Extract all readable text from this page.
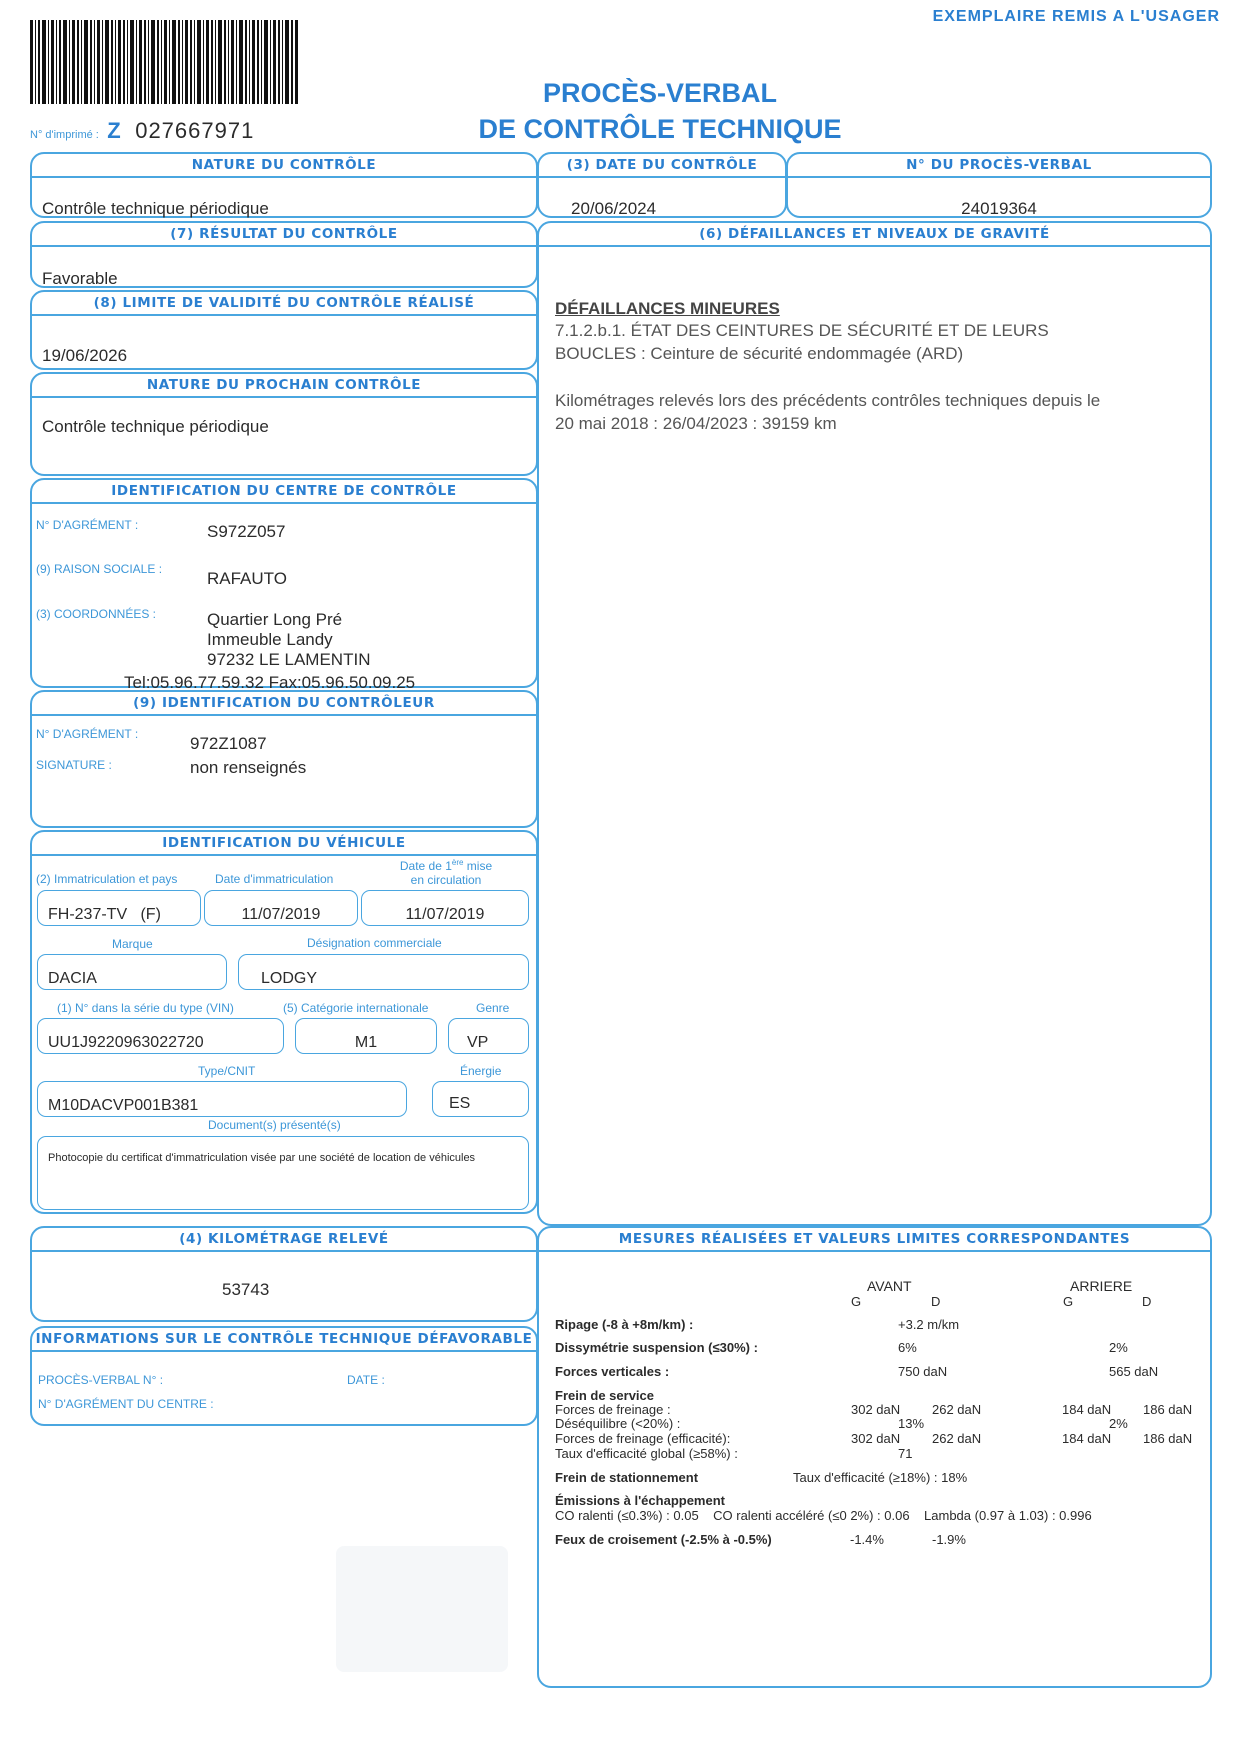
EXEMPLAIRE REMIS A L'USAGER
PROCÈS-VERBAL
DE CONTRÔLE TECHNIQUE
N° d'imprimé : Z 027667971
NATURE DU CONTRÔLE
Contrôle technique périodique
(3) DATE DU CONTRÔLE
20/06/2024
N° DU PROCÈS-VERBAL
24019364
(7) RÉSULTAT DU CONTRÔLE
Favorable
(8) LIMITE DE VALIDITÉ DU CONTRÔLE RÉALISÉ
19/06/2026
NATURE DU PROCHAIN CONTRÔLE
Contrôle technique périodique
IDENTIFICATION DU CENTRE DE CONTRÔLE
N° D'AGRÉMENT :	S972Z057
(9) RAISON SOCIALE :	RAFAUTO
(3) COORDONNÉES :	Quartier Long Pré
Immeuble Landy
97232 LE LAMENTIN
Tel:05.96.77.59.32 Fax:05.96.50.09.25
(9) IDENTIFICATION DU CONTRÔLEUR
N° D'AGRÉMENT :	972Z1087
SIGNATURE :	non renseignés
IDENTIFICATION DU VÉHICULE
(2) Immatriculation et pays	Date d'immatriculation
Date de 1ère mise
en circulation
FH-237-TV   (F)	11/07/2019	11/07/2019
Marque	Désignation commerciale
DACIA	LODGY
(1) N° dans la série du type (VIN)	(5) Catégorie internationale	Genre
UU1J9220963022720	M1	VP
Type/CNIT	Énergie
M10DACVP001B381	ES
Document(s) présenté(s)
Photocopie du certificat d'immatriculation visée par une société de location de véhicules
(4) KILOMÉTRAGE RELEVÉ
53743
INFORMATIONS SUR LE CONTRÔLE TECHNIQUE DÉFAVORABLE
PROCÈS-VERBAL N° :	DATE :
N° D'AGRÉMENT DU CENTRE :
(6) DÉFAILLANCES ET NIVEAUX DE GRAVITÉ
DÉFAILLANCES MINEURES
7.1.2.b.1. ÉTAT DES CEINTURES DE SÉCURITÉ ET DE LEURS
BOUCLES : Ceinture de sécurité endommagée (ARD)
Kilométrages relevés lors des précédents contrôles techniques depuis le
20 mai 2018 : 26/04/2023 : 39159 km
MESURES RÉALISÉES ET VALEURS LIMITES CORRESPONDANTES
AVANT
G	D
ARRIERE
G	D
Ripage (-8 à +8m/km) :	+3.2 m/km
Dissymétrie suspension (≤30%) :	6%	2%
Forces verticales :	750 daN	565 daN
Frein de service
Forces de freinage :	302 daN 262 daN	184 daN 186 daN
Déséquilibre (<20%) :	13%	2%
Forces de freinage (efficacité):	302 daN 262 daN	184 daN 186 daN
Taux d'efficacité global (≥58%) :	71
Frein de stationnement	Taux d'efficacité (≥18%) : 18%
Émissions à l'échappement
CO ralenti (≤0.3%) : 0.05    CO ralenti accéléré (≤0 2%) : 0.06    Lambda (0.97 à 1.03) : 0.996
Feux de croisement (-2.5% à -0.5%)	-1.4%	-1.9%
